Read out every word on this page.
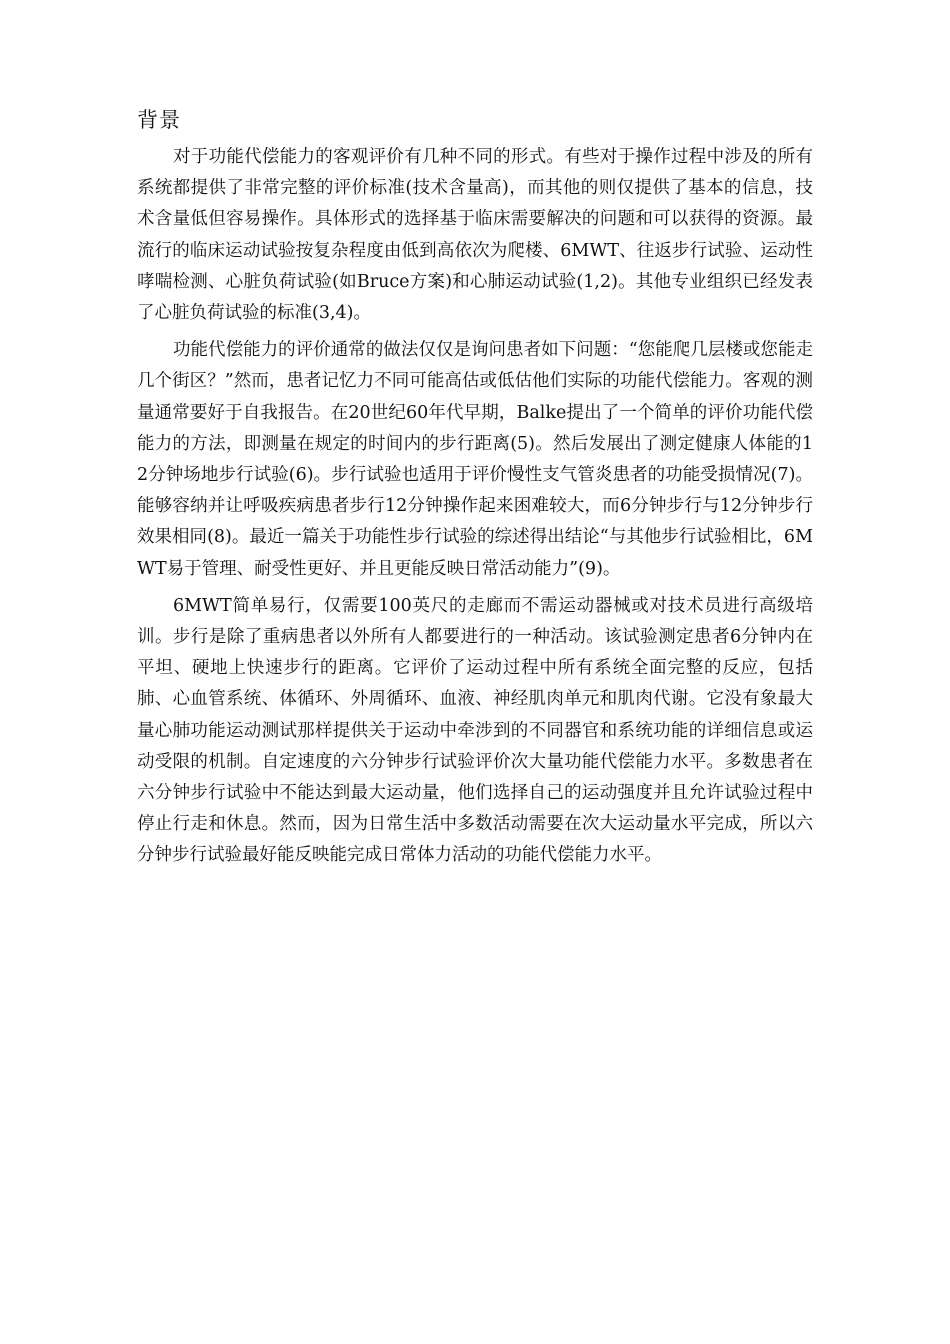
背景

对于功能代偿能力的客观评价有几种不同的形式。有些对于操作过程中涉及的所有系统都提供了非常完整的评价标准(技术含量高)，而其他的则仅提供了基本的信息，技术含量低但容易操作。具体形式的选择基于临床需要解决的问题和可以获得的资源。最流行的临床运动试验按复杂程度由低到高依次为爬楼、6MWT、往返步行试验、运动性哮喘检测、心脏负荷试验(如Bruce方案)和心肺运动试验(1,2)。其他专业组织已经发表了心脏负荷试验的标准(3,4)。

功能代偿能力的评价通常的做法仅仅是询问患者如下问题：“您能爬几层楼或您能走几个街区？”然而，患者记忆力不同可能高估或低估他们实际的功能代偿能力。客观的测量通常要好于自我报告。在20世纪60年代早期，Balke提出了一个简单的评价功能代偿能力的方法，即测量在规定的时间内的步行距离(5)。然后发展出了测定健康人体能的12分钟场地步行试验(6)。步行试验也适用于评价慢性支气管炎患者的功能受损情况(7)。能够容纳并让呼吸疾病患者步行12分钟操作起来困难较大，而6分钟步行与12分钟步行效果相同(8)。最近一篇关于功能性步行试验的综述得出结论“与其他步行试验相比，6MWT易于管理、耐受性更好、并且更能反映日常活动能力”(9)。

6MWT简单易行，仅需要100英尺的走廊而不需运动器械或对技术员进行高级培训。步行是除了重病患者以外所有人都要进行的一种活动。该试验测定患者6分钟内在平坦、硬地上快速步行的距离。它评价了运动过程中所有系统全面完整的反应，包括肺、心血管系统、体循环、外周循环、血液、神经肌肉单元和肌肉代谢。它没有象最大量心肺功能运动测试那样提供关于运动中牵涉到的不同器官和系统功能的详细信息或运动受限的机制。自定速度的六分钟步行试验评价次大量功能代偿能力水平。多数患者在六分钟步行试验中不能达到最大运动量，他们选择自己的运动强度并且允许试验过程中停止行走和休息。然而，因为日常生活中多数活动需要在次大运动量水平完成，所以六分钟步行试验最好能反映能完成日常体力活动的功能代偿能力水平。
